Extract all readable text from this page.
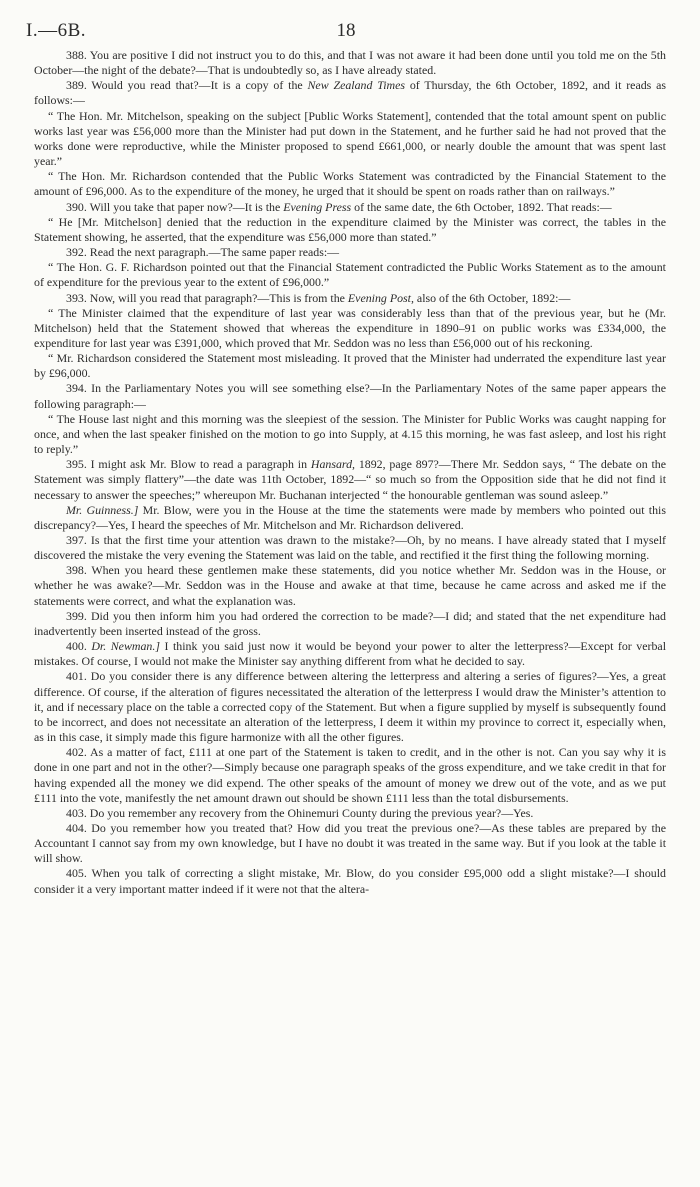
I.—6B.	18

388. You are positive I did not instruct you to do this, and that I was not aware it had been done until you told me on the 5th October—the night of the debate?—That is undoubtedly so, as I have already stated.

389. Would you read that?—It is a copy of the New Zealand Times of Thursday, the 6th October, 1892, and it reads as follows:—

“ The Hon. Mr. Mitchelson, speaking on the subject [Public Works Statement], contended that the total amount spent on public works last year was £56,000 more than the Minister had put down in the Statement, and he further said he had not proved that the works done were reproductive, while the Minister proposed to spend £661,000, or nearly double the amount that was spent last year.”

“ The Hon. Mr. Richardson contended that the Public Works Statement was contradicted by the Financial Statement to the amount of £96,000. As to the expenditure of the money, he urged that it should be spent on roads rather than on railways.”

390. Will you take that paper now?—It is the Evening Press of the same date, the 6th October, 1892. That reads:—

“ He [Mr. Mitchelson] denied that the reduction in the expenditure claimed by the Minister was correct, the tables in the Statement showing, he asserted, that the expenditure was £56,000 more than stated.”

392. Read the next paragraph.—The same paper reads:—

“ The Hon. G. F. Richardson pointed out that the Financial Statement contradicted the Public Works Statement as to the amount of expenditure for the previous year to the extent of £96,000.”

393. Now, will you read that paragraph?—This is from the Evening Post, also of the 6th October, 1892:—

“ The Minister claimed that the expenditure of last year was considerably less than that of the previous year, but he (Mr. Mitchelson) held that the Statement showed that whereas the expenditure in 1890–91 on public works was £334,000, the expenditure for last year was £391,000, which proved that Mr. Seddon was no less than £56,000 out of his reckoning.

“ Mr. Richardson considered the Statement most misleading. It proved that the Minister had underrated the expenditure last year by £96,000.

394. In the Parliamentary Notes you will see something else?—In the Parliamentary Notes of the same paper appears the following paragraph:—

“ The House last night and this morning was the sleepiest of the session. The Minister for Public Works was caught napping for once, and when the last speaker finished on the motion to go into Supply, at 4.15 this morning, he was fast asleep, and lost his right to reply.”

395. I might ask Mr. Blow to read a paragraph in Hansard, 1892, page 897?—There Mr. Seddon says, “ The debate on the Statement was simply flattery”—the date was 11th October, 1892—“ so much so from the Opposition side that he did not find it necessary to answer the speeches;” whereupon Mr. Buchanan interjected “ the honourable gentleman was sound asleep.”

Mr. Guinness.] Mr. Blow, were you in the House at the time the statements were made by members who pointed out this discrepancy?—Yes, I heard the speeches of Mr. Mitchelson and Mr. Richardson delivered.

397. Is that the first time your attention was drawn to the mistake?—Oh, by no means. I have already stated that I myself discovered the mistake the very evening the Statement was laid on the table, and rectified it the first thing the following morning.

398. When you heard these gentlemen make these statements, did you notice whether Mr. Seddon was in the House, or whether he was awake?—Mr. Seddon was in the House and awake at that time, because he came across and asked me if the statements were correct, and what the explanation was.

399. Did you then inform him you had ordered the correction to be made?—I did; and stated that the net expenditure had inadvertently been inserted instead of the gross.

400. Dr. Newman.] I think you said just now it would be beyond your power to alter the letterpress?—Except for verbal mistakes. Of course, I would not make the Minister say anything different from what he decided to say.

401. Do you consider there is any difference between altering the letterpress and altering a series of figures?—Yes, a great difference. Of course, if the alteration of figures necessitated the alteration of the letterpress I would draw the Minister’s attention to it, and if necessary place on the table a corrected copy of the Statement. But when a figure supplied by myself is subsequently found to be incorrect, and does not necessitate an alteration of the letterpress, I deem it within my province to correct it, especially when, as in this case, it simply made this figure harmonize with all the other figures.

402. As a matter of fact, £111 at one part of the Statement is taken to credit, and in the other is not. Can you say why it is done in one part and not in the other?—Simply because one paragraph speaks of the gross expenditure, and we take credit in that for having expended all the money we did expend. The other speaks of the amount of money we drew out of the vote, and as we put £111 into the vote, manifestly the net amount drawn out should be shown £111 less than the total disbursements.

403. Do you remember any recovery from the Ohinemuri County during the previous year?—Yes.

404. Do you remember how you treated that? How did you treat the previous one?—As these tables are prepared by the Accountant I cannot say from my own knowledge, but I have no doubt it was treated in the same way. But if you look at the table it will show.

405. When you talk of correcting a slight mistake, Mr. Blow, do you consider £95,000 odd a slight mistake?—I should consider it a very important matter indeed if it were not that the altera-
